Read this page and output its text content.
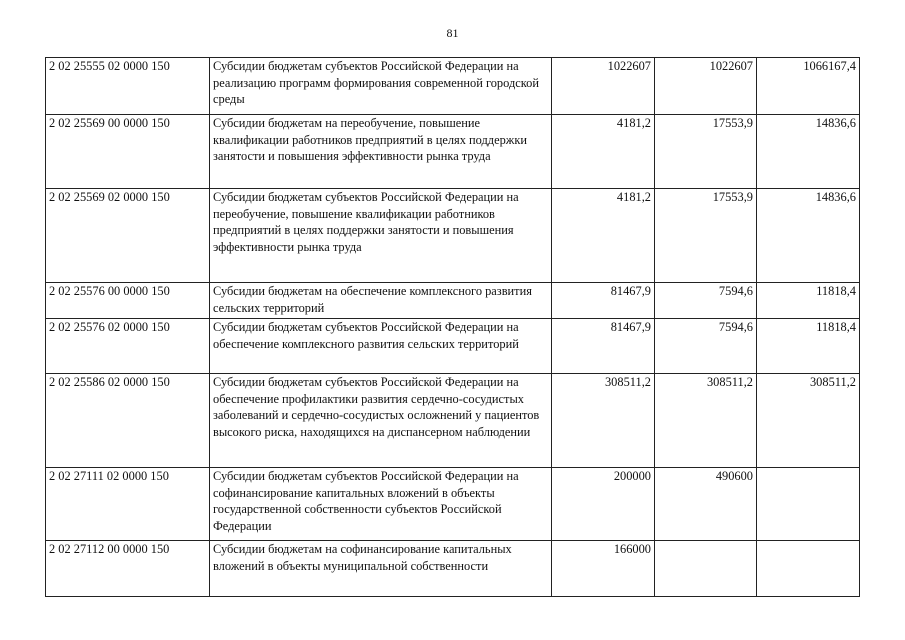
81
2 02 25555 02 0000 150	Субсидии бюджетам субъектов Российской Федерации на реализацию программ формирования современной городской среды	1022607	1022607	1066167,4
2 02 25569 00 0000 150	Субсидии бюджетам на переобучение, повышение квалификации работников предприятий в целях поддержки занятости и повышения эффективности рынка труда	4181,2	17553,9	14836,6
2 02 25569 02 0000 150	Субсидии бюджетам субъектов Российской Федерации на переобучение, повышение квалификации работников предприятий в целях поддержки занятости и повышения эффективности рынка труда	4181,2	17553,9	14836,6
2 02 25576 00 0000 150	Субсидии бюджетам на обеспечение комплексного развития сельских территорий	81467,9	7594,6	11818,4
2 02 25576 02 0000 150	Субсидии бюджетам субъектов Российской Федерации на обеспечение комплексного развития сельских территорий	81467,9	7594,6	11818,4
2 02 25586 02 0000 150	Субсидии бюджетам субъектов Российской Федерации на обеспечение профилактики развития сердечно-сосудистых заболеваний и сердечно-сосудистых осложнений у пациентов высокого риска, находящихся на диспансерном наблюдении	308511,2	308511,2	308511,2
2 02 27111 02 0000 150	Субсидии бюджетам субъектов Российской Федерации на софинансирование капитальных вложений в объекты государственной собственности субъектов Российской Федерации	200000	490600	
2 02 27112 00 0000 150	Субсидии бюджетам на софинансирование капитальных вложений в объекты муниципальной собственности	166000		
